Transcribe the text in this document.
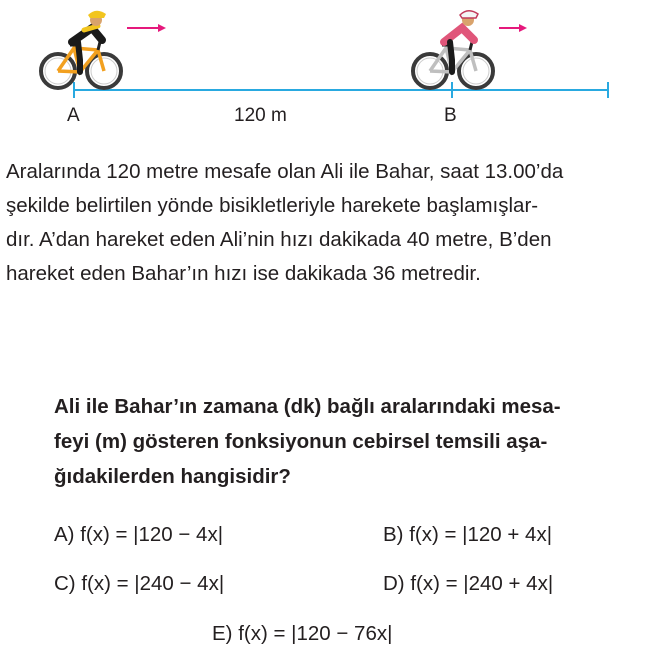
A	120 m	B

Aralarında 120 metre mesafe olan Ali ile Bahar, saat 13.00’da

şekilde belirtilen yönde bisikletleriyle harekete başlamışlar-

dır. A’dan hareket eden Ali’nin hızı dakikada 40 metre, B’den

hareket eden Bahar’ın hızı ise dakikada 36 metredir.

Ali ile Bahar’ın zamana (dk) bağlı aralarındaki mesa-
feyi (m) gösteren fonksiyonun cebirsel temsili aşa-
ğıdakilerden hangisidir?
A) f(x) = |120 − 4x|	B) f(x) = |120 + 4x|
C) f(x) = |240 − 4x|	D) f(x) = |240 + 4x|
E) f(x) = |120 − 76x|
